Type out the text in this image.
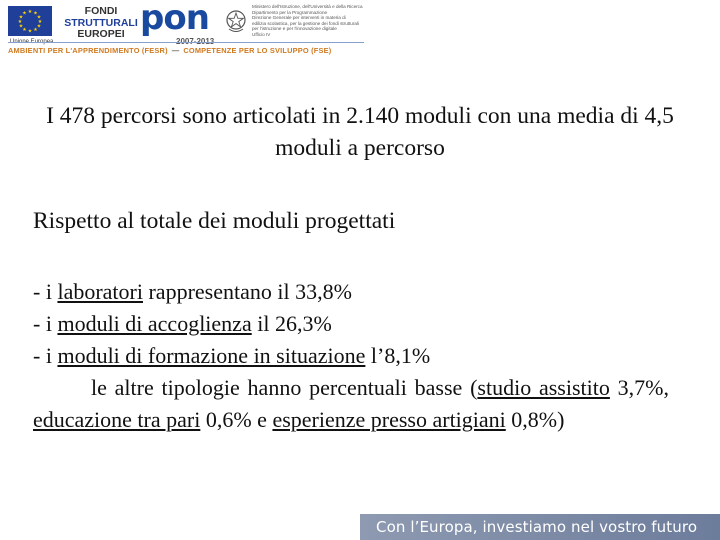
★ ★
★
★
★
★
★
★
★
★
★
★	FONDI
STRUTTURALI
EUROPEI pon	Ministero dell'Istruzione, dell'Università e della Ricerca
Dipartimento per la Programmazione
Direzione Generale per interventi in materia di
edilizia scolastica, per la gestione dei fondi strutturali
per l'istruzione e per l'innovazione digitale
Ufficio IV
AMBIENTI PER L'APPRENDIMENTO (FESR) — COMPETENZE PER LO SVILUPPO (FSE)
I 478 percorsi sono articolati in 2.140 moduli con una media di 4,5 moduli a percorso
Rispetto al totale dei moduli progettati
- i laboratori rappresentano il 33,8%
- i moduli di accoglienza il 26,3%
- i moduli di formazione in situazione l’8,1%
le altre tipologie hanno percentuali basse (studio assistito 3,7%, educazione tra pari 0,6% e esperienze presso artigiani 0,8%)
Con l’Europa, investiamo nel vostro futuro
